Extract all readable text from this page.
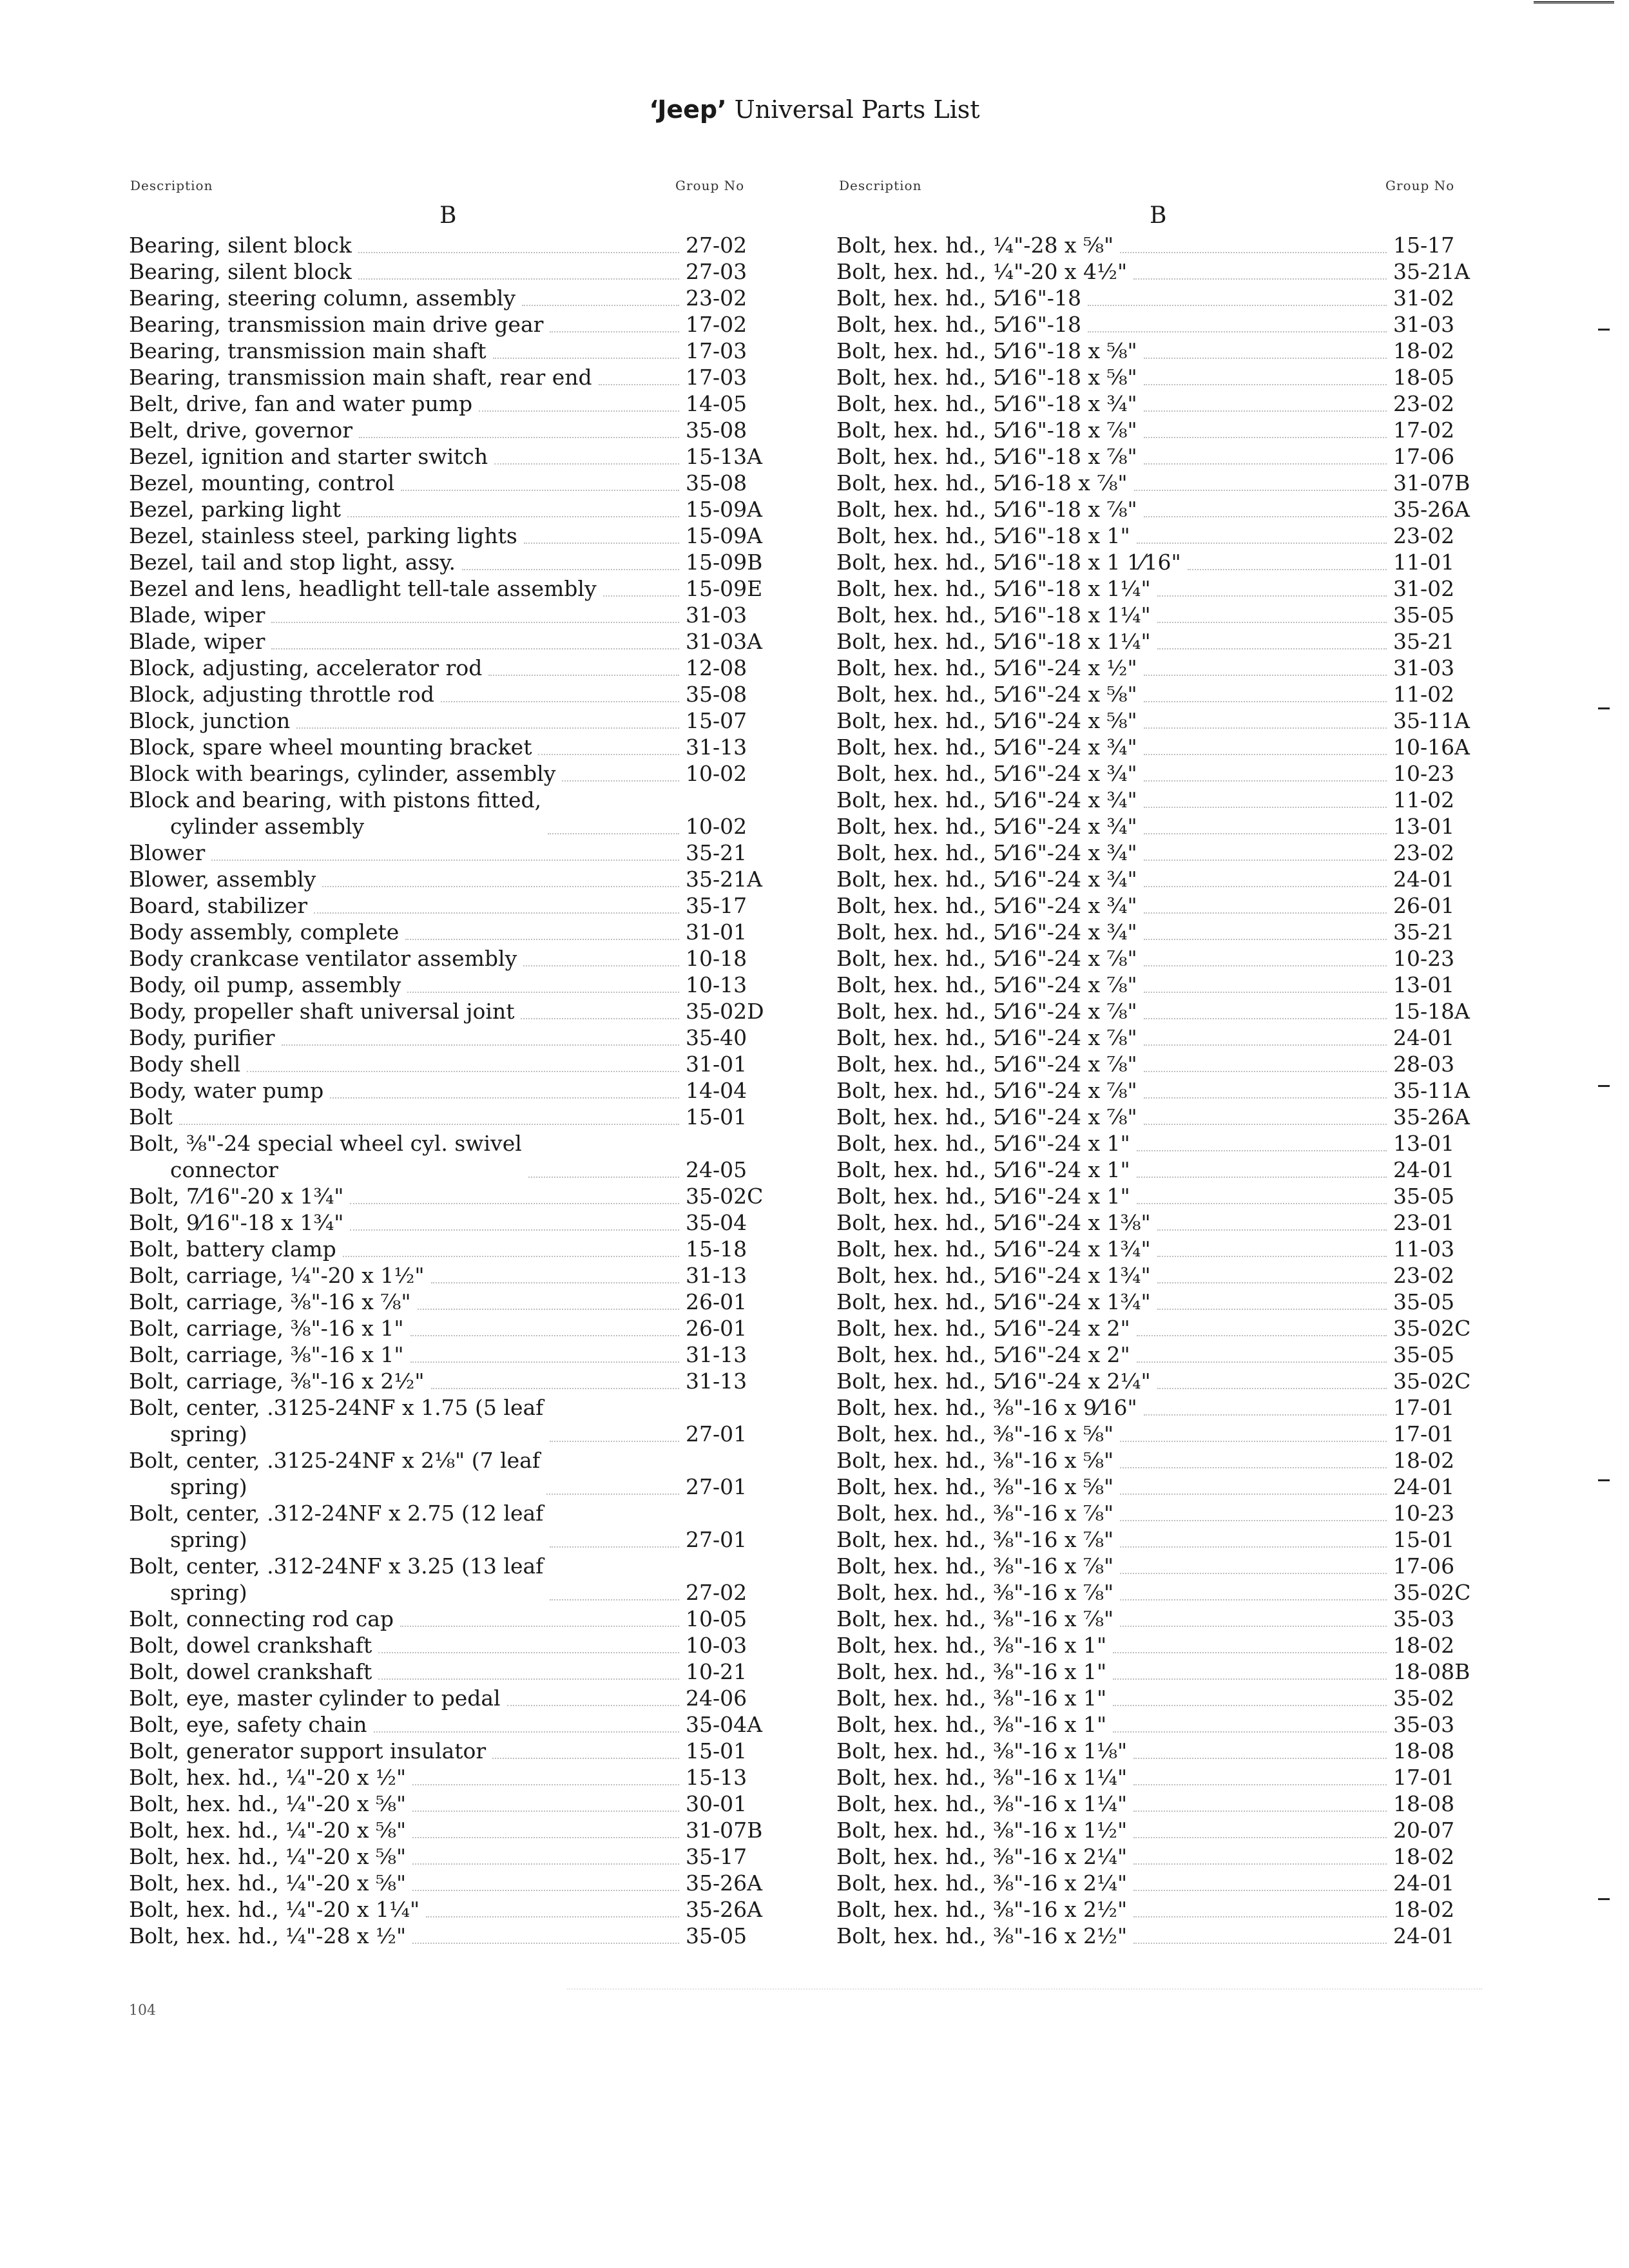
‘Jeep’ Universal Parts List
Description	Group No	Description	Group No
B	B
Bearing, silent block	27-02
Bearing, silent block	27-03
Bearing, steering column, assembly	23-02
Bearing, transmission main drive gear	17-02
Bearing, transmission main shaft	17-03
Bearing, transmission main shaft, rear end	17-03
Belt, drive, fan and water pump	14-05
Belt, drive, governor	35-08
Bezel, ignition and starter switch	15-13A
Bezel, mounting, control	35-08
Bezel, parking light	15-09A
Bezel, stainless steel, parking lights	15-09A
Bezel, tail and stop light, assy.	15-09B
Bezel and lens, headlight tell-tale assembly	15-09E
Blade, wiper	31-03
Blade, wiper	31-03A
Block, adjusting, accelerator rod	12-08
Block, adjusting throttle rod	35-08
Block, junction	15-07
Block, spare wheel mounting bracket	31-13
Block with bearings, cylinder, assembly	10-02
Block and bearing, with pistons fitted,
cylinder assembly	10-02
Blower	35-21
Blower, assembly	35-21A
Board, stabilizer	35-17
Body assembly, complete	31-01
Body crankcase ventilator assembly	10-18
Body, oil pump, assembly	10-13
Body, propeller shaft universal joint	35-02D
Body, purifier	35-40
Body shell	31-01
Body, water pump	14-04
Bolt	15-01
Bolt, ⅜"-24 special wheel cyl. swivel
connector	24-05
Bolt, 7⁄16"-20 x 1¾"	35-02C
Bolt, 9⁄16"-18 x 1¾"	35-04
Bolt, battery clamp	15-18
Bolt, carriage, ¼"-20 x 1½"	31-13
Bolt, carriage, ⅜"-16 x ⅞"	26-01
Bolt, carriage, ⅜"-16 x 1"	26-01
Bolt, carriage, ⅜"-16 x 1"	31-13
Bolt, carriage, ⅜"-16 x 2½"	31-13
Bolt, center, .3125-24NF x 1.75 (5 leaf
spring)	27-01
Bolt, center, .3125-24NF x 2⅛" (7 leaf
spring)	27-01
Bolt, center, .312-24NF x 2.75 (12 leaf
spring)	27-01
Bolt, center, .312-24NF x 3.25 (13 leaf
spring)	27-02
Bolt, connecting rod cap	10-05
Bolt, dowel crankshaft	10-03
Bolt, dowel crankshaft	10-21
Bolt, eye, master cylinder to pedal	24-06
Bolt, eye, safety chain	35-04A
Bolt, generator support insulator	15-01
Bolt, hex. hd., ¼"-20 x ½"	15-13
Bolt, hex. hd., ¼"-20 x ⅝"	30-01
Bolt, hex. hd., ¼"-20 x ⅝"	31-07B
Bolt, hex. hd., ¼"-20 x ⅝"	35-17
Bolt, hex. hd., ¼"-20 x ⅝"	35-26A
Bolt, hex. hd., ¼"-20 x 1¼"	35-26A
Bolt, hex. hd., ¼"-28 x ½"	35-05
Bolt, hex. hd., ¼"-28 x ⅝"	15-17
Bolt, hex. hd., ¼"-20 x 4½"	35-21A
Bolt, hex. hd., 5⁄16"-18	31-02
Bolt, hex. hd., 5⁄16"-18	31-03
Bolt, hex. hd., 5⁄16"-18 x ⅝"	18-02
Bolt, hex. hd., 5⁄16"-18 x ⅝"	18-05
Bolt, hex. hd., 5⁄16"-18 x ¾"	23-02
Bolt, hex. hd., 5⁄16"-18 x ⅞"	17-02
Bolt, hex. hd., 5⁄16"-18 x ⅞"	17-06
Bolt, hex. hd., 5⁄16-18 x ⅞"	31-07B
Bolt, hex. hd., 5⁄16"-18 x ⅞"	35-26A
Bolt, hex. hd., 5⁄16"-18 x 1"	23-02
Bolt, hex. hd., 5⁄16"-18 x 1 1⁄16"	11-01
Bolt, hex. hd., 5⁄16"-18 x 1¼"	31-02
Bolt, hex. hd., 5⁄16"-18 x 1¼"	35-05
Bolt, hex. hd., 5⁄16"-18 x 1¼"	35-21
Bolt, hex. hd., 5⁄16"-24 x ½"	31-03
Bolt, hex. hd., 5⁄16"-24 x ⅝"	11-02
Bolt, hex. hd., 5⁄16"-24 x ⅝"	35-11A
Bolt, hex. hd., 5⁄16"-24 x ¾"	10-16A
Bolt, hex. hd., 5⁄16"-24 x ¾"	10-23
Bolt, hex. hd., 5⁄16"-24 x ¾"	11-02
Bolt, hex. hd., 5⁄16"-24 x ¾"	13-01
Bolt, hex. hd., 5⁄16"-24 x ¾"	23-02
Bolt, hex. hd., 5⁄16"-24 x ¾"	24-01
Bolt, hex. hd., 5⁄16"-24 x ¾"	26-01
Bolt, hex. hd., 5⁄16"-24 x ¾"	35-21
Bolt, hex. hd., 5⁄16"-24 x ⅞"	10-23
Bolt, hex. hd., 5⁄16"-24 x ⅞"	13-01
Bolt, hex. hd., 5⁄16"-24 x ⅞"	15-18A
Bolt, hex. hd., 5⁄16"-24 x ⅞"	24-01
Bolt, hex. hd., 5⁄16"-24 x ⅞"	28-03
Bolt, hex. hd., 5⁄16"-24 x ⅞"	35-11A
Bolt, hex. hd., 5⁄16"-24 x ⅞"	35-26A
Bolt, hex. hd., 5⁄16"-24 x 1"	13-01
Bolt, hex. hd., 5⁄16"-24 x 1"	24-01
Bolt, hex. hd., 5⁄16"-24 x 1"	35-05
Bolt, hex. hd., 5⁄16"-24 x 1⅜"	23-01
Bolt, hex. hd., 5⁄16"-24 x 1¾"	11-03
Bolt, hex. hd., 5⁄16"-24 x 1¾"	23-02
Bolt, hex. hd., 5⁄16"-24 x 1¾"	35-05
Bolt, hex. hd., 5⁄16"-24 x 2"	35-02C
Bolt, hex. hd., 5⁄16"-24 x 2"	35-05
Bolt, hex. hd., 5⁄16"-24 x 2¼"	35-02C
Bolt, hex. hd., ⅜"-16 x 9⁄16"	17-01
Bolt, hex. hd., ⅜"-16 x ⅝"	17-01
Bolt, hex. hd., ⅜"-16 x ⅝"	18-02
Bolt, hex. hd., ⅜"-16 x ⅝"	24-01
Bolt, hex. hd., ⅜"-16 x ⅞"	10-23
Bolt, hex. hd., ⅜"-16 x ⅞"	15-01
Bolt, hex. hd., ⅜"-16 x ⅞"	17-06
Bolt, hex. hd., ⅜"-16 x ⅞"	35-02C
Bolt, hex. hd., ⅜"-16 x ⅞"	35-03
Bolt, hex. hd., ⅜"-16 x 1"	18-02
Bolt, hex. hd., ⅜"-16 x 1"	18-08B
Bolt, hex. hd., ⅜"-16 x 1"	35-02
Bolt, hex. hd., ⅜"-16 x 1"	35-03
Bolt, hex. hd., ⅜"-16 x 1⅛"	18-08
Bolt, hex. hd., ⅜"-16 x 1¼"	17-01
Bolt, hex. hd., ⅜"-16 x 1¼"	18-08
Bolt, hex. hd., ⅜"-16 x 1½"	20-07
Bolt, hex. hd., ⅜"-16 x 2¼"	18-02
Bolt, hex. hd., ⅜"-16 x 2¼"	24-01
Bolt, hex. hd., ⅜"-16 x 2½"	18-02
Bolt, hex. hd., ⅜"-16 x 2½"	24-01
104
